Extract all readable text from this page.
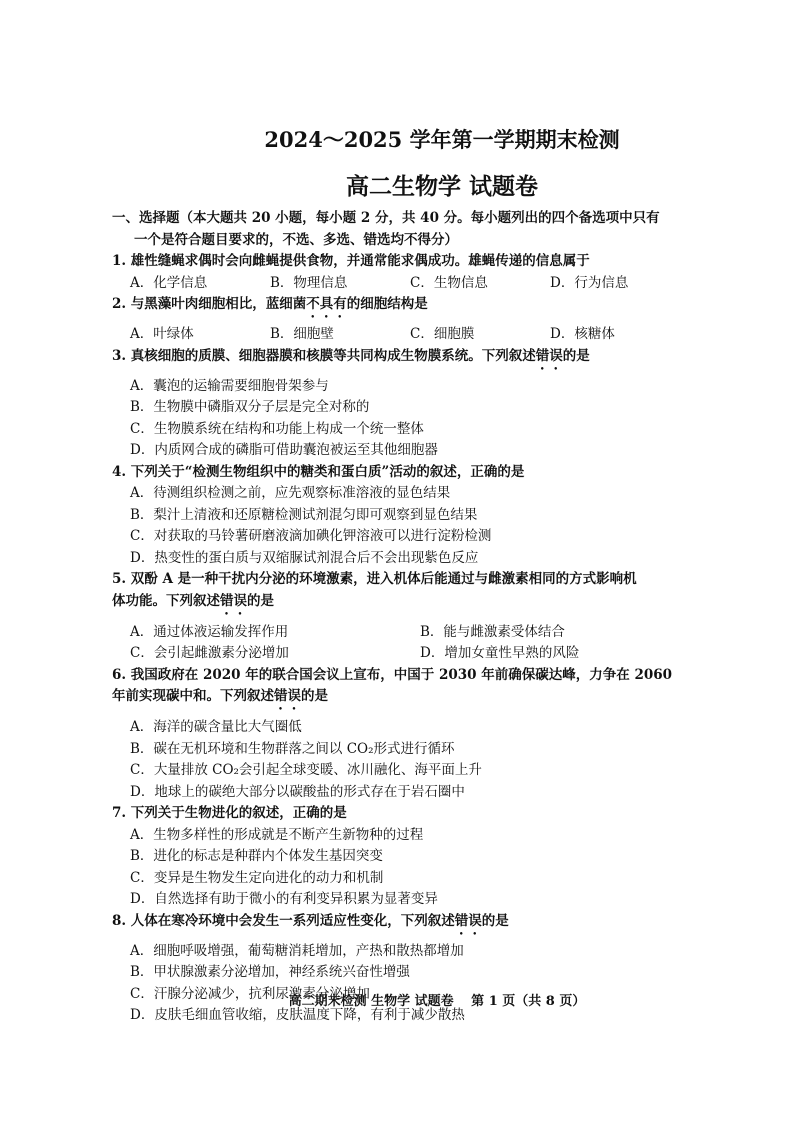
2024～2025 学年第一学期期末检测
高二生物学 试题卷
一、选择题（本大题共 20 小题，每小题 2 分，共 40 分。每小题列出的四个备选项中只有
一个是符合题目要求的，不选、多选、错选均不得分）
1. 雄性缝蝇求偶时会向雌蝇提供食物，并通常能求偶成功。雄蝇传递的信息属于
A．化学信息	B．物理信息	C．生物信息	D．行为信息
2. 与黑藻叶肉细胞相比，蓝细菌不具有的细胞结构是
A．叶绿体	B．细胞壁	C．细胞膜	D．核糖体
3. 真核细胞的质膜、细胞器膜和核膜等共同构成生物膜系统。下列叙述错误的是
A．囊泡的运输需要细胞骨架参与
B．生物膜中磷脂双分子层是完全对称的
C．生物膜系统在结构和功能上构成一个统一整体
D．内质网合成的磷脂可借助囊泡被运至其他细胞器
4. 下列关于“检测生物组织中的糖类和蛋白质”活动的叙述，正确的是
A．待测组织检测之前，应先观察标准溶液的显色结果
B．梨汁上清液和还原糖检测试剂混匀即可观察到显色结果
C．对获取的马铃薯研磨液滴加碘化钾溶液可以进行淀粉检测
D．热变性的蛋白质与双缩脲试剂混合后不会出现紫色反应
5. 双酚 A 是一种干扰内分泌的环境激素，进入机体后能通过与雌激素相同的方式影响机
体功能。下列叙述错误的是
A．通过体液运输发挥作用	B．能与雌激素受体结合
C．会引起雌激素分泌增加	D．增加女童性早熟的风险
6. 我国政府在 2020 年的联合国会议上宣布，中国于 2030 年前确保碳达峰，力争在 2060
年前实现碳中和。下列叙述错误的是
A．海洋的碳含量比大气圈低
B．碳在无机环境和生物群落之间以 CO₂形式进行循环
C．大量排放 CO₂会引起全球变暖、冰川融化、海平面上升
D．地球上的碳绝大部分以碳酸盐的形式存在于岩石圈中
7. 下列关于生物进化的叙述，正确的是
A．生物多样性的形成就是不断产生新物种的过程
B．进化的标志是种群内个体发生基因突变
C．变异是生物发生定向进化的动力和机制
D．自然选择有助于微小的有利变异积累为显著变异
8. 人体在寒冷环境中会发生一系列适应性变化，下列叙述错误的是
A．细胞呼吸增强，葡萄糖消耗增加，产热和散热都增加
B．甲状腺激素分泌增加，神经系统兴奋性增强
C．汗腺分泌减少，抗利尿激素分泌增加
D．皮肤毛细血管收缩，皮肤温度下降，有利于减少散热
高二期末检测 生物学 试题卷　 第 1 页（共 8 页）
